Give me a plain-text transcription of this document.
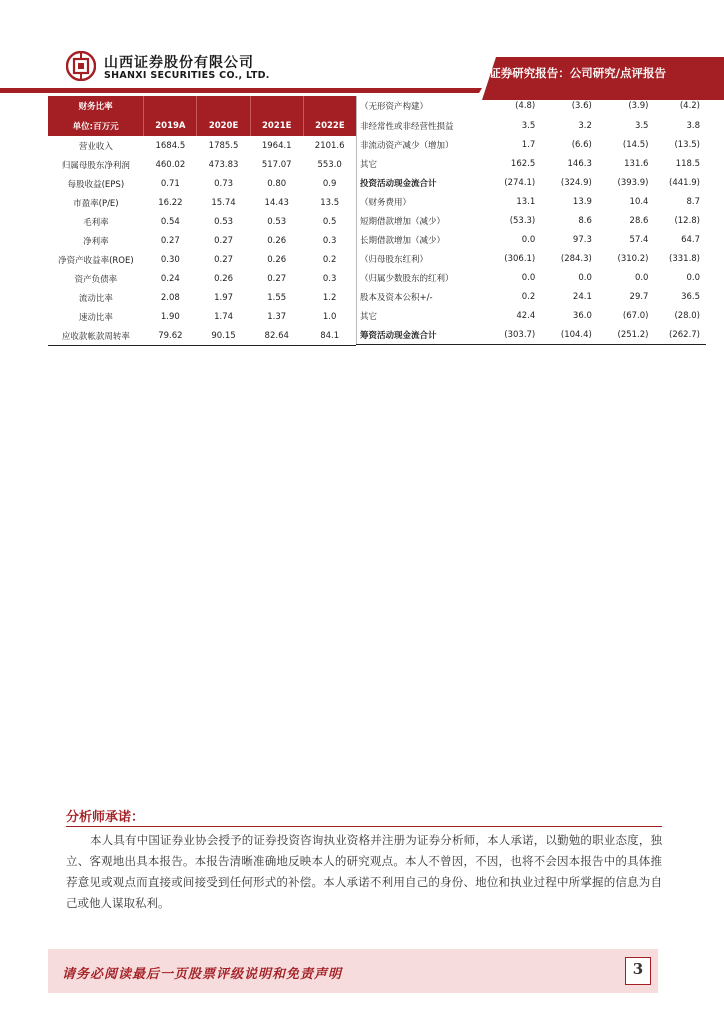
山西证券股份有限公司
SHANXI SECURITIES CO., LTD.	证券研究报告：公司研究/点评报告
财务比率				
单位:百万元	2019A	2020E	2021E	2022E
营业收入	1684.5	1785.5	1964.1	2101.6
归属母股东净利润	460.02	473.83	517.07	553.0
每股收益(EPS)	0.71	0.73	0.80	0.9
市盈率(P/E)	16.22	15.74	14.43	13.5
毛利率	0.54	0.53	0.53	0.5
净利率	0.27	0.27	0.26	0.3
净资产收益率(ROE)	0.30	0.27	0.26	0.2
资产负债率	0.24	0.26	0.27	0.3
流动比率	2.08	1.97	1.55	1.2
速动比率	1.90	1.74	1.37	1.0
应收款帐款周转率	79.62	90.15	82.64	84.1
（无形资产构建）	(4.8)	(3.6)	(3.9)	(4.2)
非经常性或非经营性损益	3.5	3.2	3.5	3.8
非流动资产减少（增加）	1.7	(6.6)	(14.5)	(13.5)
其它	162.5	146.3	131.6	118.5
投资活动现金流合计	(274.1)	(324.9)	(393.9)	(441.9)
（财务费用）	13.1	13.9	10.4	8.7
短期借款增加（减少）	(53.3)	8.6	28.6	(12.8)
长期借款增加（减少）	0.0	97.3	57.4	64.7
（归母股东红利）	(306.1)	(284.3)	(310.2)	(331.8)
（归属少数股东的红利）	0.0	0.0	0.0	0.0
股本及资本公积+/-	0.2	24.1	29.7	36.5
其它	42.4	36.0	(67.0)	(28.0)
筹资活动现金流合计	(303.7)	(104.4)	(251.2)	(262.7)
分析师承诺：
本人具有中国证券业协会授予的证券投资咨询执业资格并注册为证券分析师，本人承诺，以勤勉的职业态度，独立、客观地出具本报告。本报告清晰准确地反映本人的研究观点。本人不曾因，不因，也将不会因本报告中的具体推荐意见或观点而直接或间接受到任何形式的补偿。本人承诺不利用自己的身份、地位和执业过程中所掌握的信息为自己或他人谋取私利。
请务必阅读最后一页股票评级说明和免责声明	3
